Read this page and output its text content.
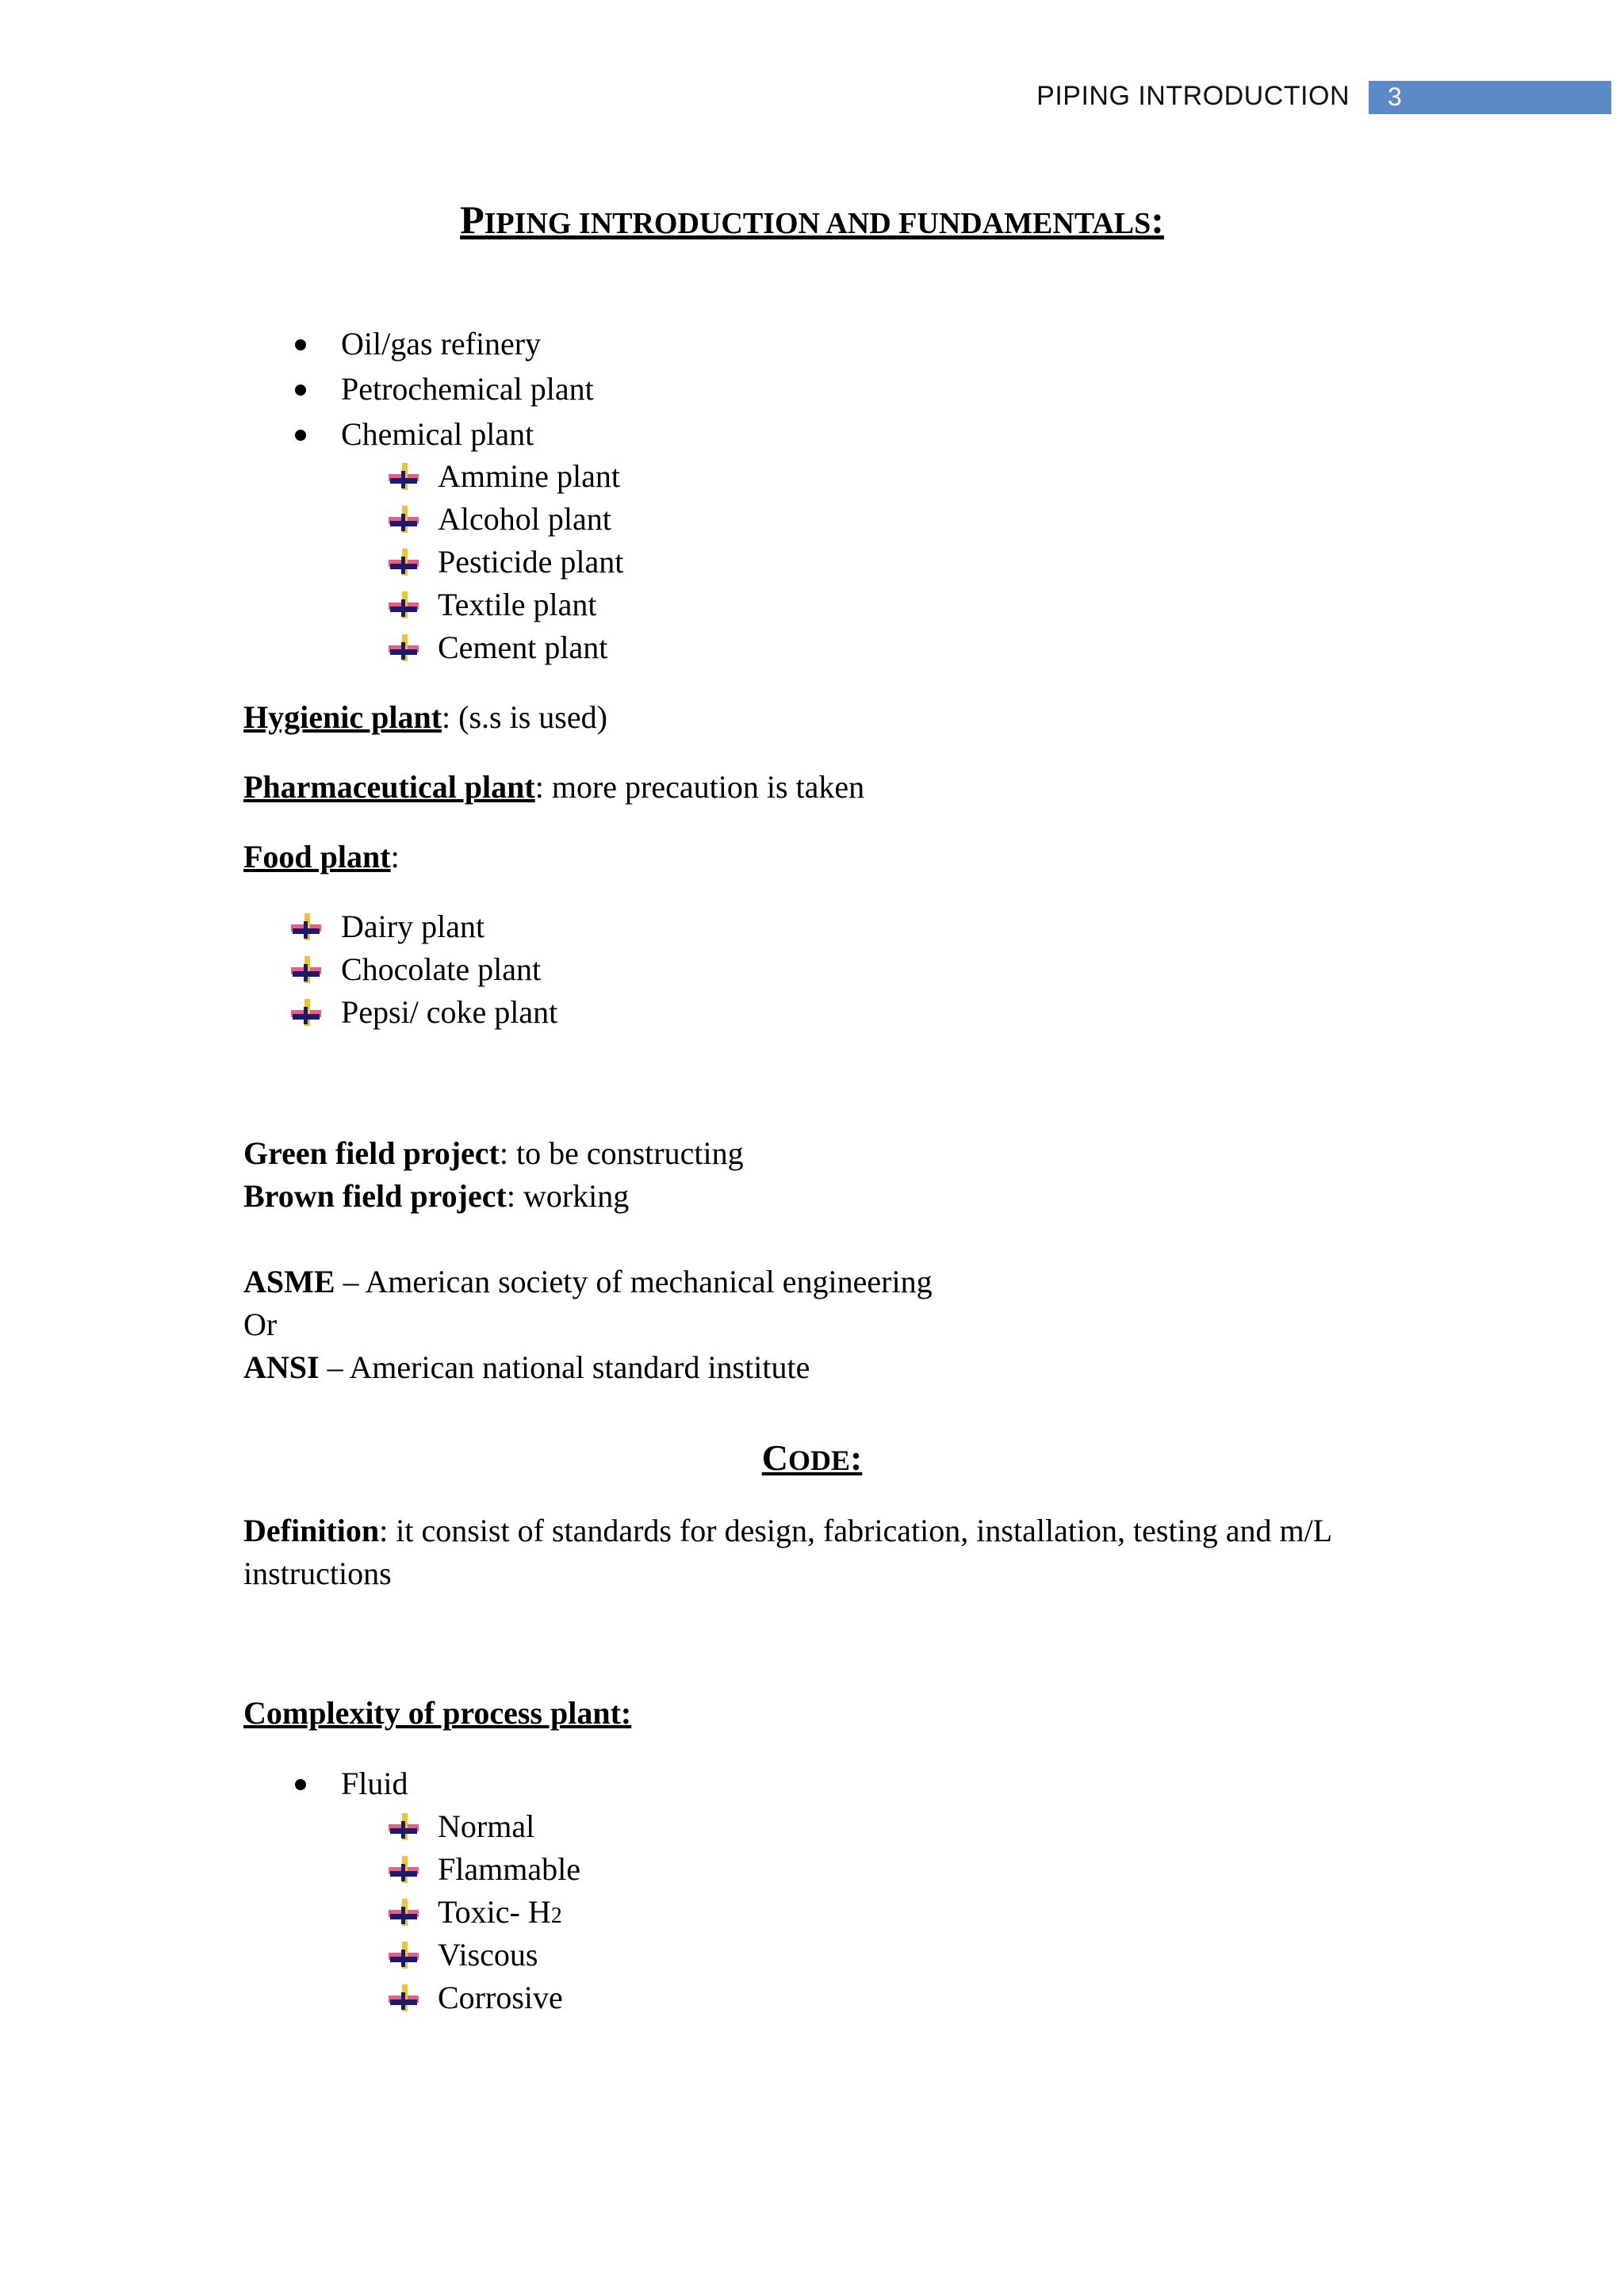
PIPING INTRODUCTION 3
PIPING INTRODUCTION AND FUNDAMENTALS:
Oil/gas refinery
Petrochemical plant
Chemical plant
Ammine plant
Alcohol plant
Pesticide plant
Textile plant
Cement plant
Hygienic plant: (s.s is used)
Pharmaceutical plant: more precaution is taken
Food plant:
Dairy plant
Chocolate plant
Pepsi/ coke plant
Green field project: to be constructing
Brown field project: working
ASME – American society of mechanical engineering
Or
ANSI – American national standard institute
CODE:
Definition: it consist of standards for design, fabrication, installation, testing and m/L
instructions
Complexity of process plant:
Fluid
Normal
Flammable
Toxic- H2
Viscous
Corrosive
